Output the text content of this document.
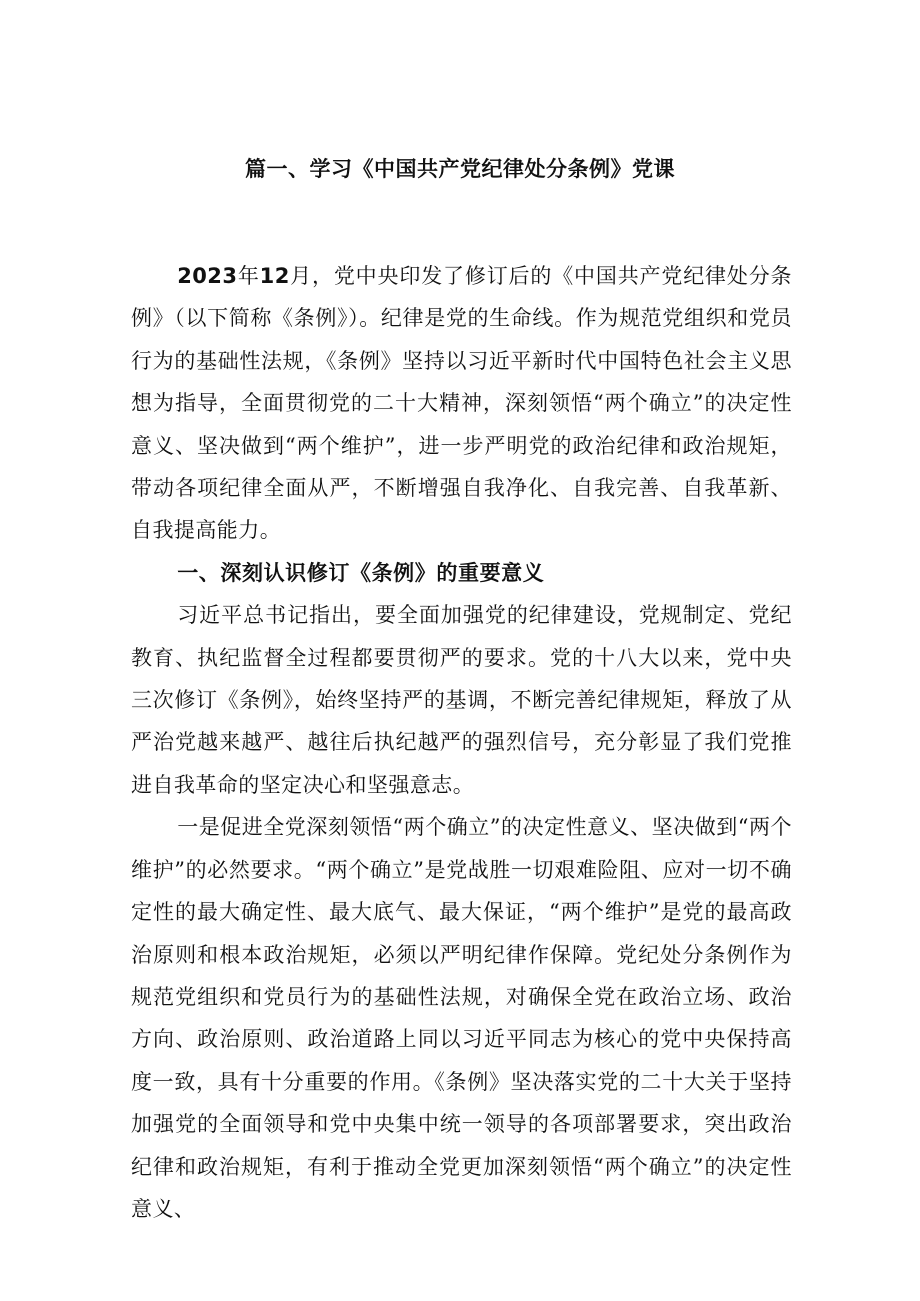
篇一、学习《中国共产党纪律处分条例》党课

2023年12月，党中央印发了修订后的《中国共产党纪律处分条例》（以下简称《条例》）。纪律是党的生命线。作为规范党组织和党员行为的基础性法规，《条例》坚持以习近平新时代中国特色社会主义思想为指导，全面贯彻党的二十大精神，深刻领悟“两个确立”的决定性意义、坚决做到“两个维护”，进一步严明党的政治纪律和政治规矩，带动各项纪律全面从严，不断增强自我净化、自我完善、自我革新、自我提高能力。

一、深刻认识修订《条例》的重要意义

习近平总书记指出，要全面加强党的纪律建设，党规制定、党纪教育、执纪监督全过程都要贯彻严的要求。党的十八大以来，党中央三次修订《条例》，始终坚持严的基调，不断完善纪律规矩，释放了从严治党越来越严、越往后执纪越严的强烈信号，充分彰显了我们党推进自我革命的坚定决心和坚强意志。

一是促进全党深刻领悟“两个确立”的决定性意义、坚决做到“两个维护”的必然要求。“两个确立”是党战胜一切艰难险阻、应对一切不确定性的最大确定性、最大底气、最大保证，“两个维护”是党的最高政治原则和根本政治规矩，必须以严明纪律作保障。党纪处分条例作为规范党组织和党员行为的基础性法规，对确保全党在政治立场、政治方向、政治原则、政治道路上同以习近平同志为核心的党中央保持高度一致，具有十分重要的作用。《条例》坚决落实党的二十大关于坚持加强党的全面领导和党中央集中统一领导的各项部署要求，突出政治纪律和政治规矩，有利于推动全党更加深刻领悟“两个确立”的决定性意义、
